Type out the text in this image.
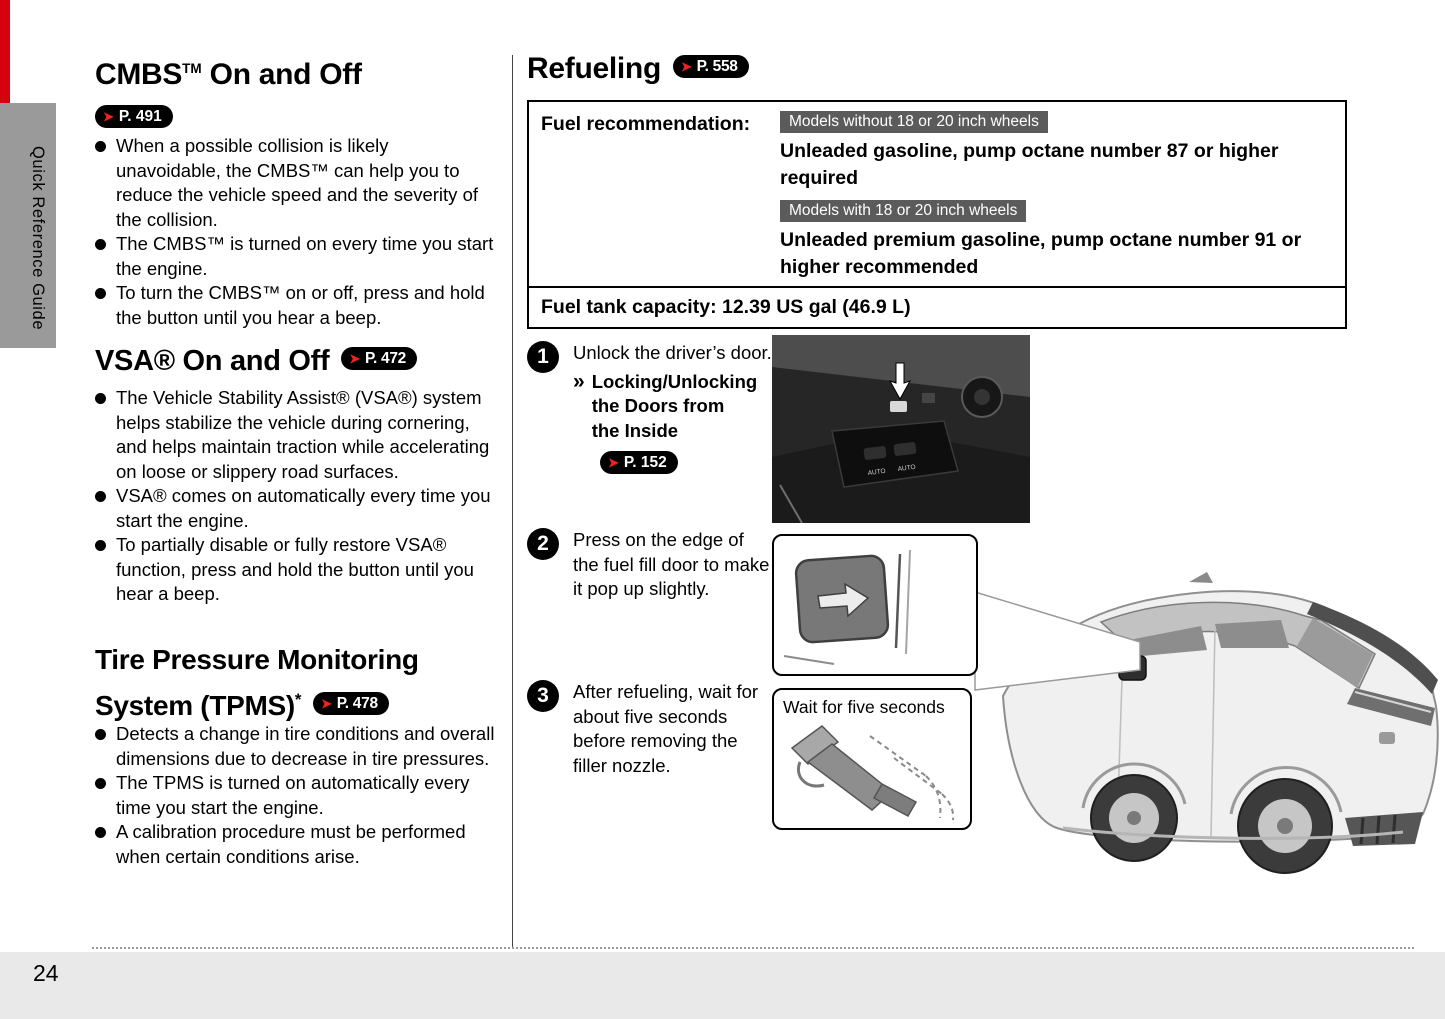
Quick Reference Guide
CMBS™ On and Off
➤ P. 491
When a possible collision is likely unavoidable, the CMBS™ can help you to reduce the vehicle speed and the severity of the collision.
The CMBS™ is turned on every time you start the engine.
To turn the CMBS™ on or off, press and hold the button until you hear a beep.
VSA® On and Off ➤ P. 472
The Vehicle Stability Assist® (VSA®) system helps stabilize the vehicle during cornering, and helps maintain traction while accelerating on loose or slippery road surfaces.
VSA® comes on automatically every time you start the engine.
To partially disable or fully restore VSA® function, press and hold the button until you hear a beep.
Tire Pressure Monitoring
System (TPMS)* ➤ P. 478
Detects a change in tire conditions and overall dimensions due to decrease in tire pressures.
The TPMS is turned on automatically every time you start the engine.
A calibration procedure must be performed when certain conditions arise.
Refueling ➤ P. 558
Fuel recommendation:	Models without 18 or 20 inch wheels
Unleaded gasoline, pump octane number 87 or higher required
Models with 18 or 20 inch wheels
Unleaded premium gasoline, pump octane number 91 or higher recommended
Fuel tank capacity: 12.39 US gal (46.9 L)
1	Unlock the driver’s door.
» Locking/Unlocking the Doors from the Inside
➤ P. 152
AUTO AUTO
2	Press on the edge of the fuel fill door to make it pop up slightly.
3	After refueling, wait for about five seconds before removing the filler nozzle.
Wait for five seconds
24
